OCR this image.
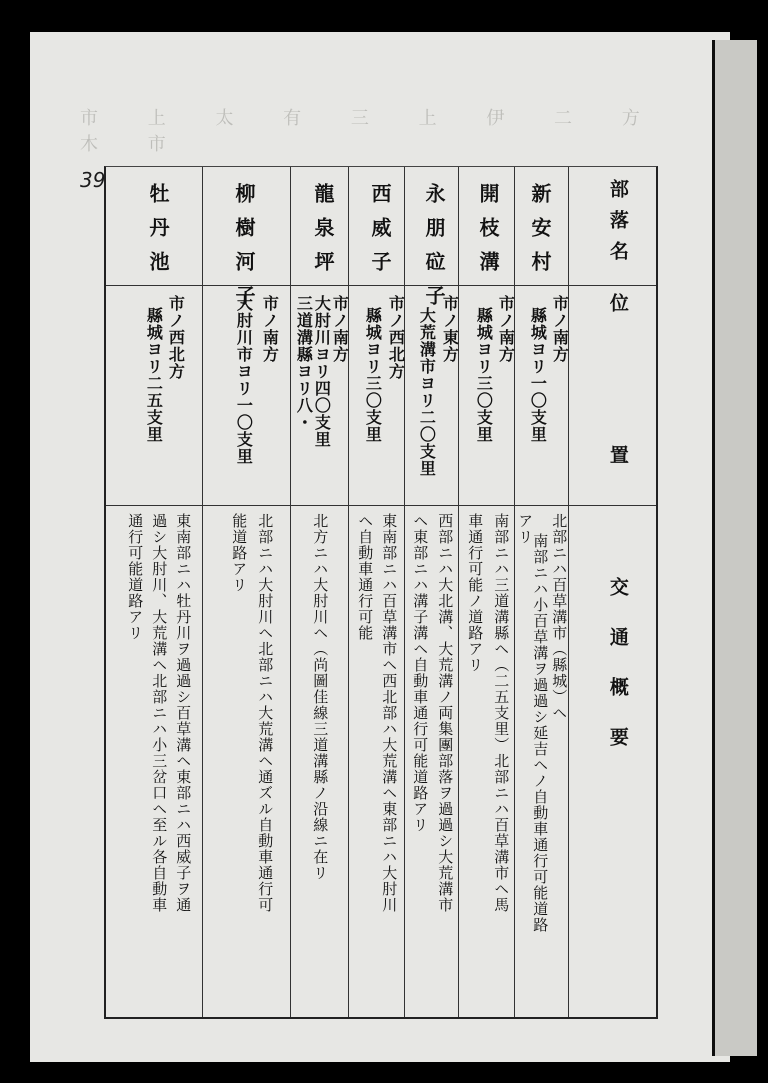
市 上 太 有 三 上 伊 二 方 木 市
39	部落名
位　　　　　　　置
交　通　概　要
新安村
市ノ南方
縣城ヨリ一〇支里
北部ニハ百草溝市（縣城）ヘ
南部ニハ小百草溝ヲ過過シ延吉ヘノ自動車通行可能道路
アリ
開枝溝
市ノ南方
縣城ヨリ三〇支里
南部ニハ三道溝縣ヘ（二五支里）北部ニハ百草溝市ヘ馬
車通行可能ノ道路アリ
永朋砬子
市ノ東方
大荒溝市ヨリ二〇支里
西部ニハ大北溝、大荒溝ノ両集團部落ヲ過過シ大荒溝市
ヘ東部ニハ溝子溝ヘ自動車通行可能道路アリ
西威子
市ノ西北方
縣城ヨリ三〇支里
東南部ニハ百草溝市ヘ西北部ハ大荒溝ヘ東部ニハ大肘川
ヘ自動車通行可能
龍泉坪
市ノ南方
大肘川ヨリ四〇支里
三道溝縣ヨリ八・
北方ニハ大肘川ヘ（尚圖佳線三道溝縣ノ沿線ニ在リ
柳樹河子
市ノ南方
大肘川市ヨリ一〇支里
北部ニハ大肘川ヘ北部ニハ大荒溝ヘ通ズル自動車通行可
能道路アリ
牡丹池
市ノ西北方
縣城ヨリ二五支里
東南部ニハ牡丹川ヲ過過シ百草溝ヘ東部ニハ西威子ヲ通
過シ大肘川、大荒溝ヘ北部ニハ小三岔口ヘ至ル各自動車
通行可能道路アリ
